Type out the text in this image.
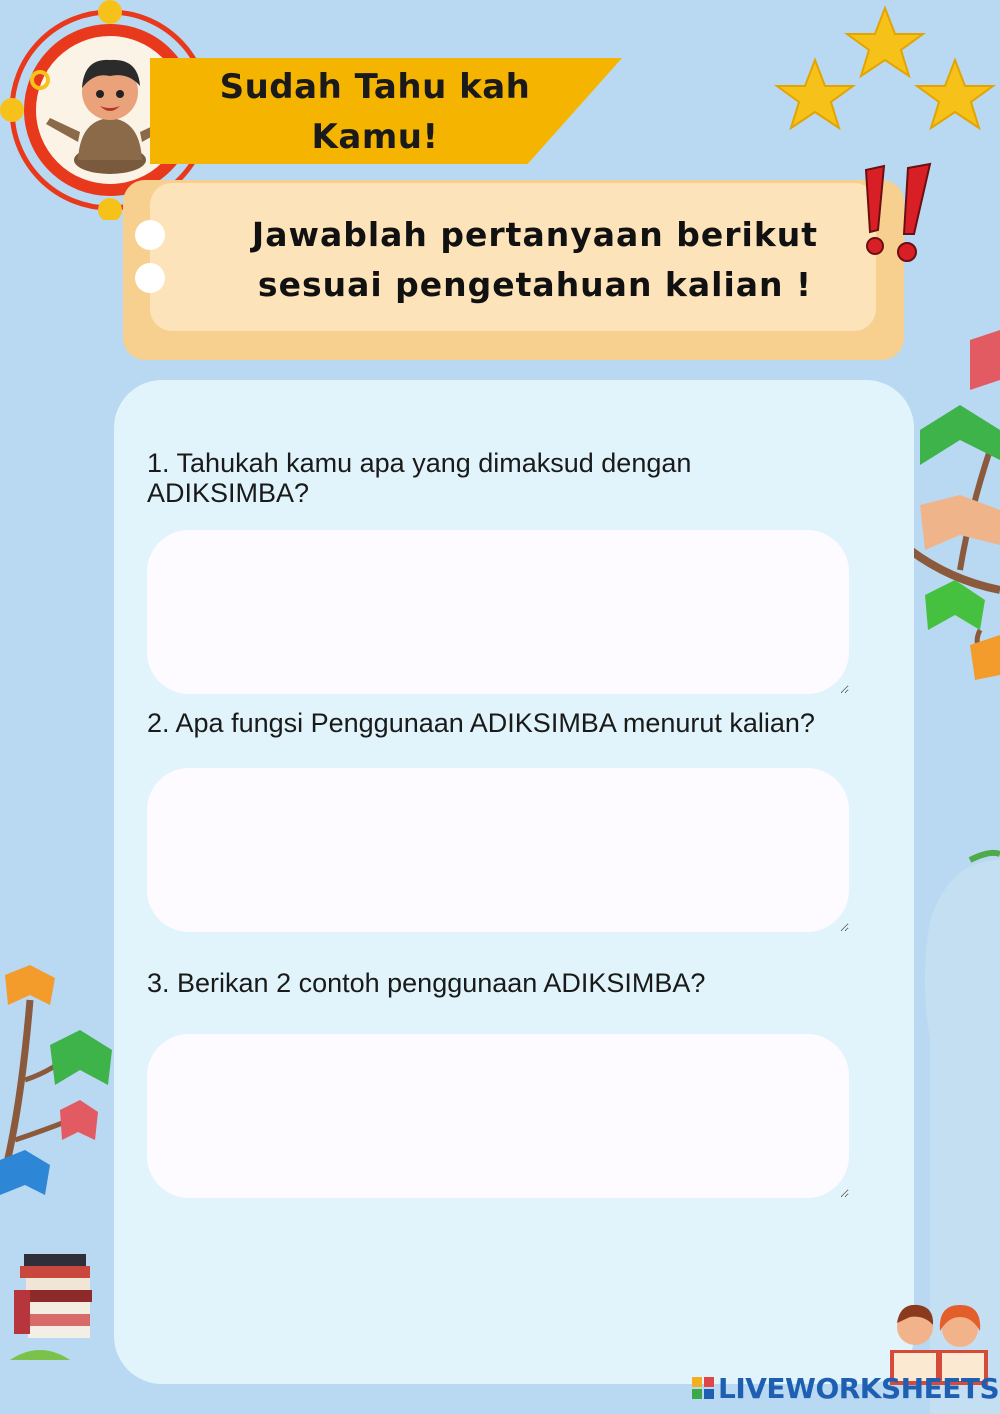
Sudah Tahu kah Kamu!
Jawablah pertanyaan berikut sesuai pengetahuan kalian !
1. Tahukah kamu apa yang dimaksud dengan ADIKSIMBA?
2. Apa fungsi Penggunaan ADIKSIMBA menurut kalian?
3. Berikan 2 contoh penggunaan ADIKSIMBA?
LIVEWORKSHEETS
